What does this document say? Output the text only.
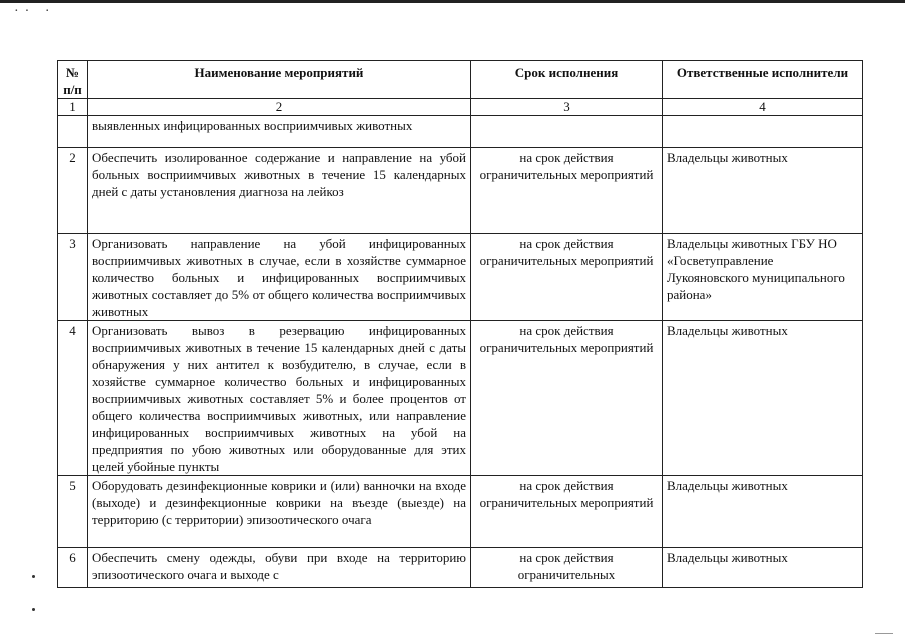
·· ·
№ п/п	Наименование мероприятий	Срок исполнения	Ответственные исполнители
1	2	3	4
	выявленных инфицированных восприимчивых животных		
2	Обеспечить изолированное содержание и направление на убой больных восприимчивых животных в течение 15 календарных дней с даты установления диагноза на лейкоз	на срок действия ограничительных мероприятий	Владельцы животных
3	Организовать направление на убой инфицированных восприимчивых животных в случае, если в хозяйстве суммарное количество больных и инфицированных восприимчивых животных составляет до 5% от общего количества восприимчивых животных	на срок действия ограничительных мероприятий	Владельцы животных ГБУ НО «Госветуправление Лукояновского муниципального района»
4	Организовать вывоз в резервацию инфицированных восприимчивых животных в течение 15 календарных дней с даты обнаружения у них антител к возбудителю, в случае, если в хозяйстве суммарное количество больных и инфицированных восприимчивых животных составляет 5% и более процентов от общего количества восприимчивых животных, или направление инфицированных восприимчивых животных на убой на предприятия по убою животных или оборудованные для этих целей убойные пункты	на срок действия ограничительных мероприятий	Владельцы животных
5	Оборудовать дезинфекционные коврики и (или) ванночки на входе (выходе) и дезинфекционные коврики на въезде (выезде) на территорию (с территории) эпизоотического очага	на срок действия ограничительных мероприятий	Владельцы животных
6	Обеспечить смену одежды, обуви при входе на территорию эпизоотического очага и выходе с	на срок действия ограничительных	Владельцы животных
